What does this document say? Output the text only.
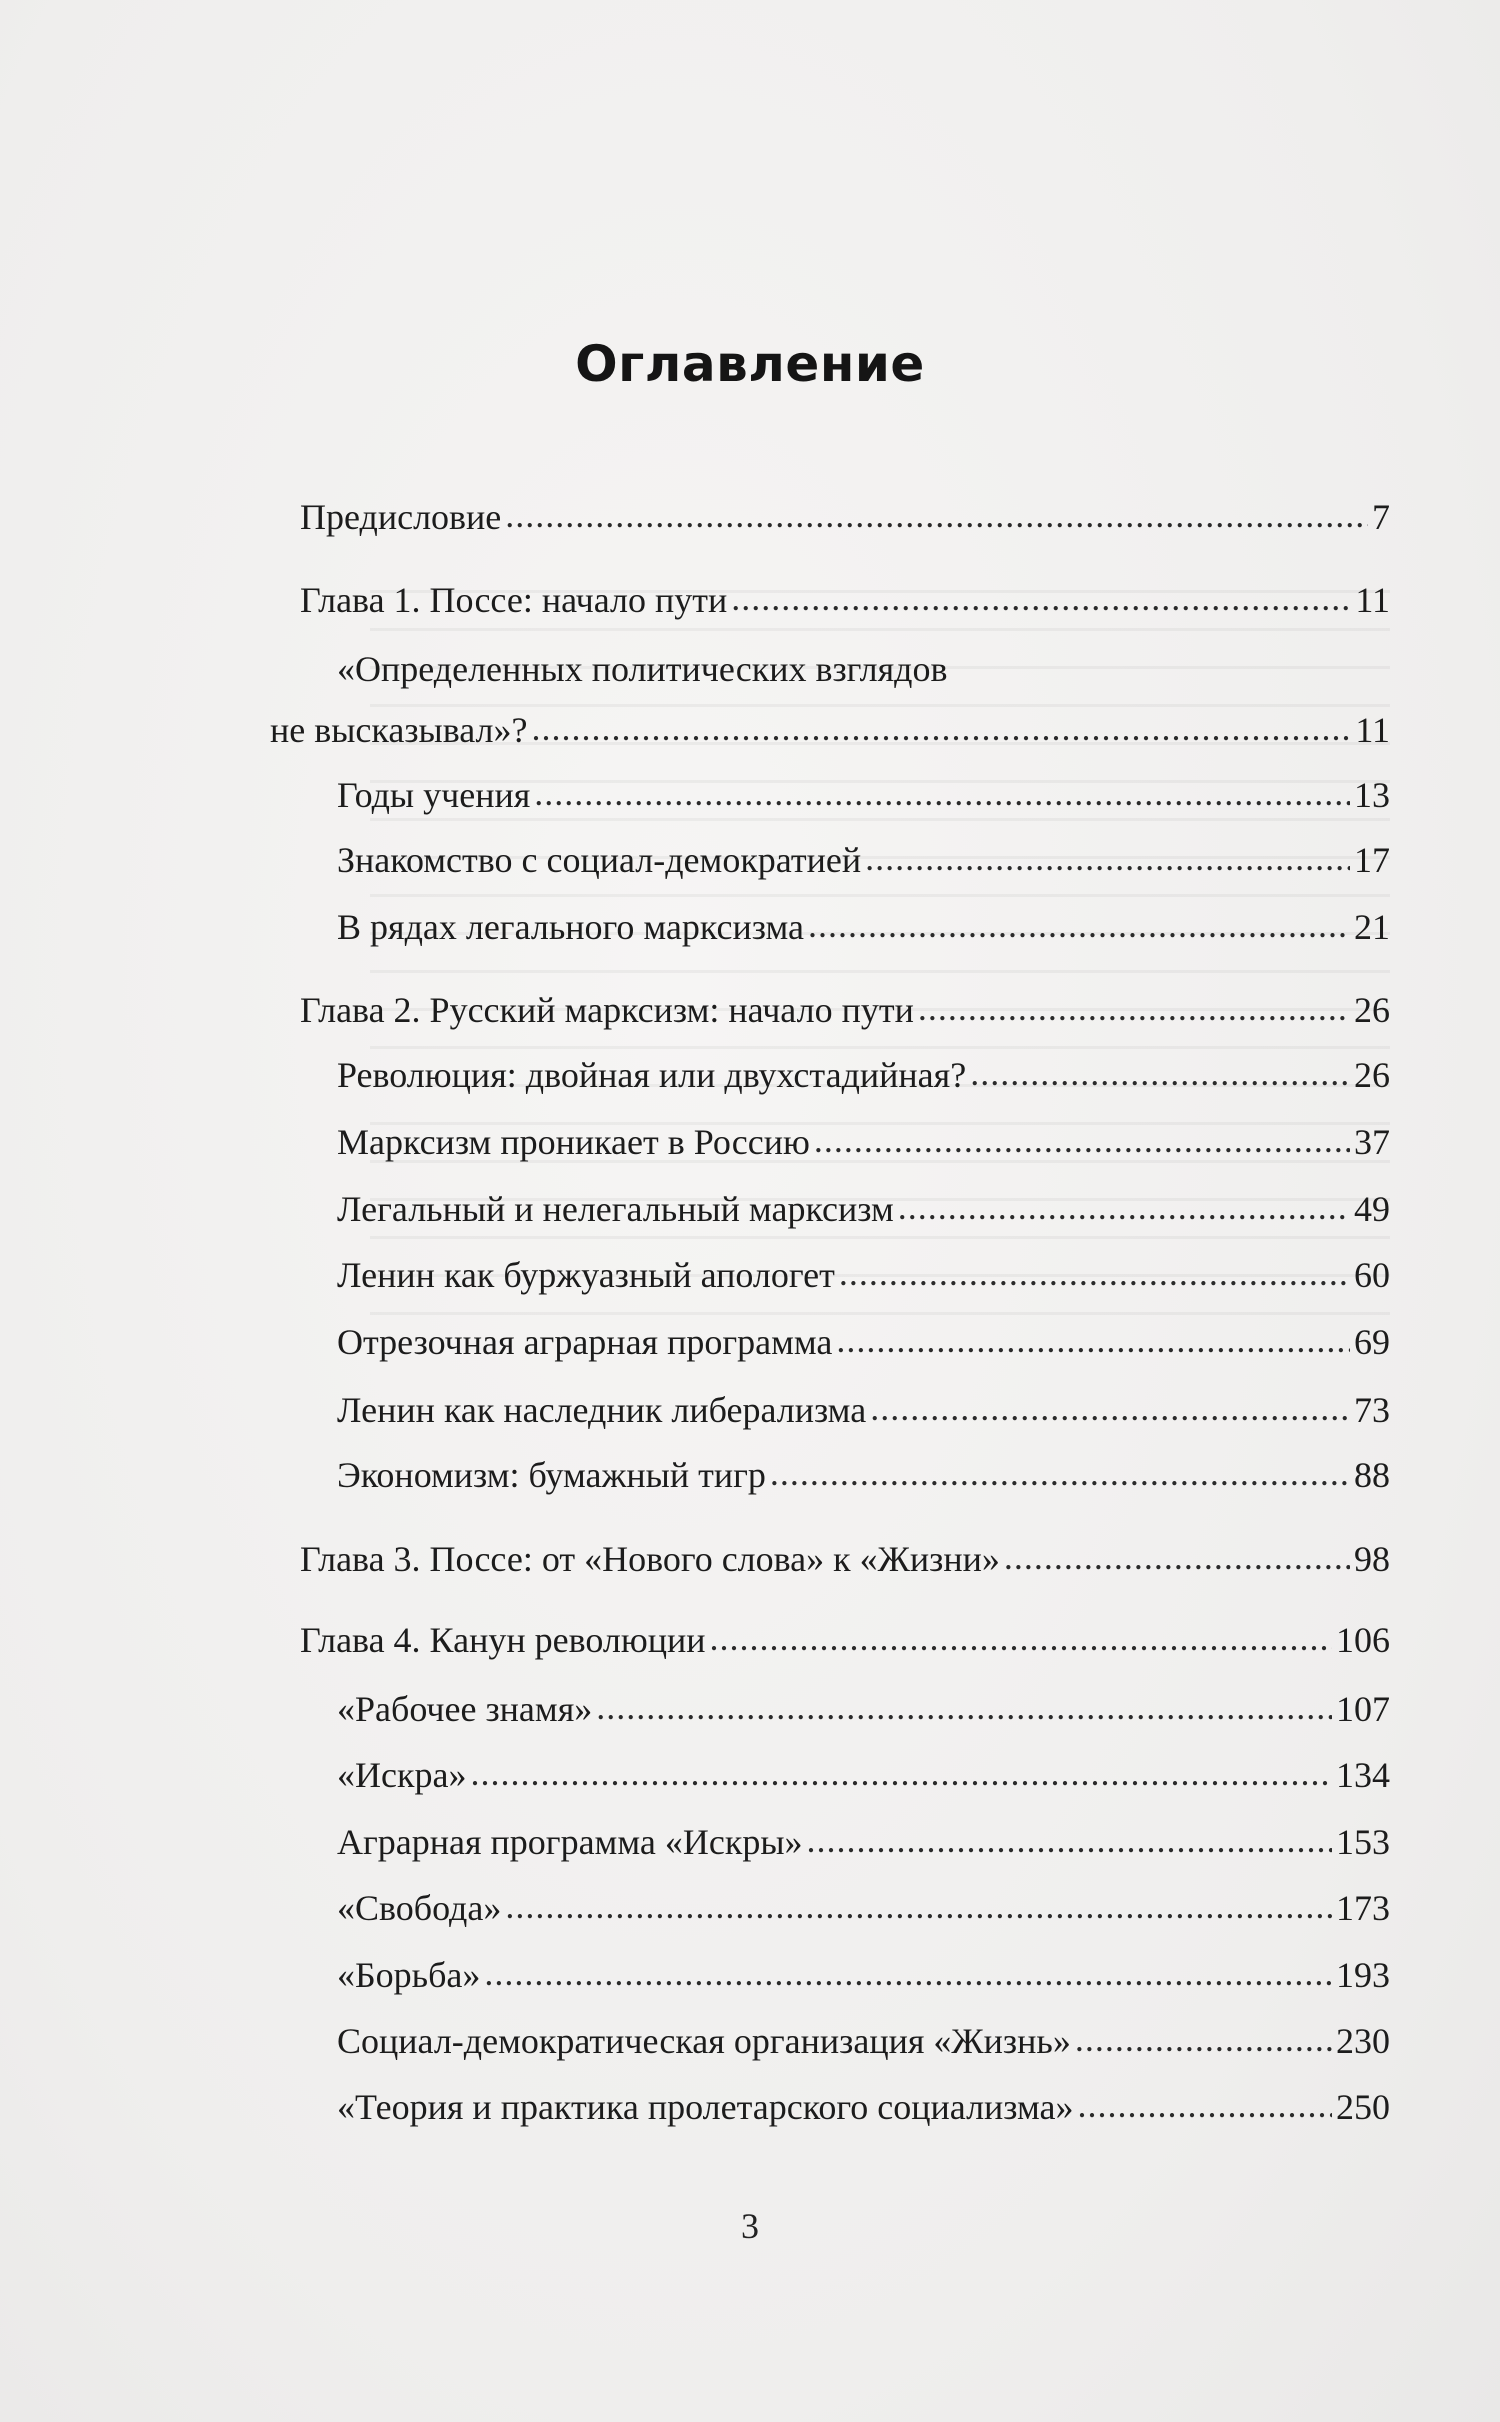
Оглавление
Предисловие .....	7
Глава 1. Поссе: начало пути .....	11
«Определенных политических взглядов
не высказывал»? .....	11
Годы учения .....	13
Знакомство с социал-демократией .....	17
В рядах легального марксизма .....	21
Глава 2. Русский марксизм: начало пути .....	26
Революция: двойная или двухстадийная? .....	26
Марксизм проникает в Россию .....	37
Легальный и нелегальный марксизм .....	49
Ленин как буржуазный апологет .....	60
Отрезочная аграрная программа .....	69
Ленин как наследник либерализма .....	73
Экономизм: бумажный тигр .....	88
Глава 3. Поссе: от «Нового слова» к «Жизни» .....	98
Глава 4. Канун революции .....	106
«Рабочее знамя» .....	107
«Искра» .....	134
Аграрная программа «Искры» .....	153
«Свобода» .....	173
«Борьба» .....	193
Социал-демократическая организация «Жизнь» .....	230
«Теория и практика пролетарского социализма» .....	250
3
